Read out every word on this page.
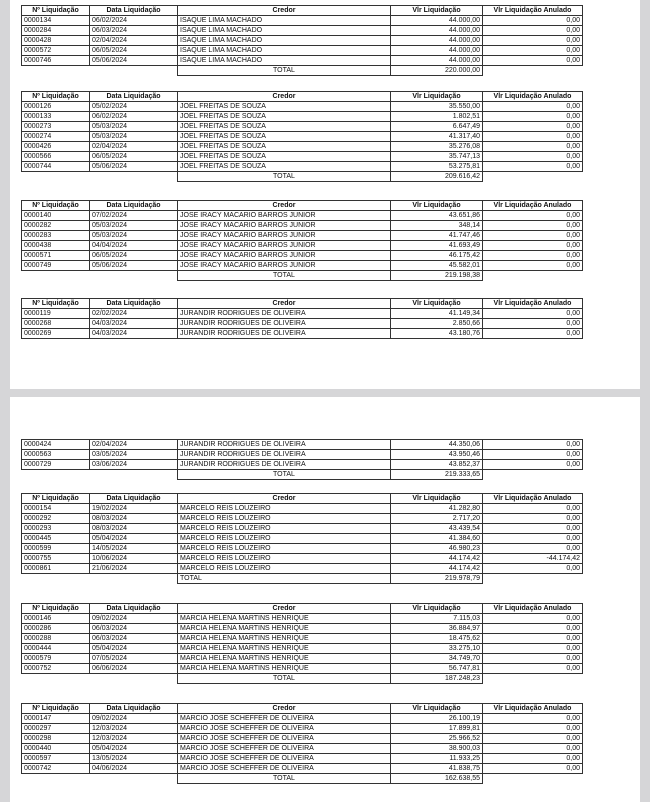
Nº Liquidação	Data Liquidação	Credor	Vlr Liquidação	Vlr Liquidação Anulado
0000134	06/02/2024	ISAQUE LIMA MACHADO	44.000,00	0,00
0000284	06/03/2024	ISAQUE LIMA MACHADO	44.000,00	0,00
0000428	02/04/2024	ISAQUE LIMA MACHADO	44.000,00	0,00
0000572	06/05/2024	ISAQUE LIMA MACHADO	44.000,00	0,00
0000746	05/06/2024	ISAQUE LIMA MACHADO	44.000,00	0,00
		TOTAL	220.000,00	
Nº Liquidação	Data Liquidação	Credor	Vlr Liquidação	Vlr Liquidação Anulado
0000126	05/02/2024	JOEL FREITAS DE SOUZA	35.550,00	0,00
0000133	06/02/2024	JOEL FREITAS DE SOUZA	1.802,51	0,00
0000273	05/03/2024	JOEL FREITAS DE SOUZA	6.647,49	0,00
0000274	05/03/2024	JOEL FREITAS DE SOUZA	41.317,40	0,00
0000426	02/04/2024	JOEL FREITAS DE SOUZA	35.276,08	0,00
0000566	06/05/2024	JOEL FREITAS DE SOUZA	35.747,13	0,00
0000744	05/06/2024	JOEL FREITAS DE SOUZA	53.275,81	0,00
		TOTAL	209.616,42	
Nº Liquidação	Data Liquidação	Credor	Vlr Liquidação	Vlr Liquidação Anulado
0000140	07/02/2024	JOSE IRACY MACARIO BARROS JUNIOR	43.651,86	0,00
0000282	05/03/2024	JOSE IRACY MACARIO BARROS JUNIOR	348,14	0,00
0000283	05/03/2024	JOSE IRACY MACARIO BARROS JUNIOR	41.747,46	0,00
0000438	04/04/2024	JOSE IRACY MACARIO BARROS JUNIOR	41.693,49	0,00
0000571	06/05/2024	JOSE IRACY MACARIO BARROS JUNIOR	46.175,42	0,00
0000749	05/06/2024	JOSE IRACY MACARIO BARROS JUNIOR	45.582,01	0,00
		TOTAL	219.198,38	
Nº Liquidação	Data Liquidação	Credor	Vlr Liquidação	Vlr Liquidação Anulado
0000119	02/02/2024	JURANDIR RODRIGUES DE OLIVEIRA	41.149,34	0,00
0000268	04/03/2024	JURANDIR RODRIGUES DE OLIVEIRA	2.850,66	0,00
0000269	04/03/2024	JURANDIR RODRIGUES DE OLIVEIRA	43.180,76	0,00
0000424	02/04/2024	JURANDIR RODRIGUES DE OLIVEIRA	44.350,06	0,00
0000563	03/05/2024	JURANDIR RODRIGUES DE OLIVEIRA	43.950,46	0,00
0000729	03/06/2024	JURANDIR RODRIGUES DE OLIVEIRA	43.852,37	0,00
		TOTAL	219.333,65	
Nº Liquidação	Data Liquidação	Credor	Vlr Liquidação	Vlr Liquidação Anulado
0000154	19/02/2024	MARCELO REIS LOUZEIRO	41.282,80	0,00
0000292	08/03/2024	MARCELO REIS LOUZEIRO	2.717,20	0,00
0000293	08/03/2024	MARCELO REIS LOUZEIRO	43.439,54	0,00
0000445	05/04/2024	MARCELO REIS LOUZEIRO	41.384,60	0,00
0000599	14/05/2024	MARCELO REIS LOUZEIRO	46.980,23	0,00
0000755	10/06/2024	MARCELO REIS LOUZEIRO	44.174,42	-44.174,42
0000861	21/06/2024	MARCELO REIS LOUZEIRO	44.174,42	0,00
		TOTAL	219.978,79	
Nº Liquidação	Data Liquidação	Credor	Vlr Liquidação	Vlr Liquidação Anulado
0000146	09/02/2024	MARCIA HELENA MARTINS HENRIQUE	7.115,03	0,00
0000286	06/03/2024	MARCIA HELENA MARTINS HENRIQUE	36.884,97	0,00
0000288	06/03/2024	MARCIA HELENA MARTINS HENRIQUE	18.475,62	0,00
0000444	05/04/2024	MARCIA HELENA MARTINS HENRIQUE	33.275,10	0,00
0000579	07/05/2024	MARCIA HELENA MARTINS HENRIQUE	34.749,70	0,00
0000752	06/06/2024	MARCIA HELENA MARTINS HENRIQUE	56.747,81	0,00
		TOTAL	187.248,23	
Nº Liquidação	Data Liquidação	Credor	Vlr Liquidação	Vlr Liquidação Anulado
0000147	09/02/2024	MARCIO JOSE SCHEFFER DE OLIVEIRA	26.100,19	0,00
0000297	12/03/2024	MARCIO JOSE SCHEFFER DE OLIVEIRA	17.899,81	0,00
0000298	12/03/2024	MARCIO JOSE SCHEFFER DE OLIVEIRA	25.966,52	0,00
0000440	05/04/2024	MARCIO JOSE SCHEFFER DE OLIVEIRA	38.900,03	0,00
0000597	13/05/2024	MARCIO JOSE SCHEFFER DE OLIVEIRA	11.933,25	0,00
0000742	04/06/2024	MARCIO JOSE SCHEFFER DE OLIVEIRA	41.838,75	0,00
		TOTAL	162.638,55	
